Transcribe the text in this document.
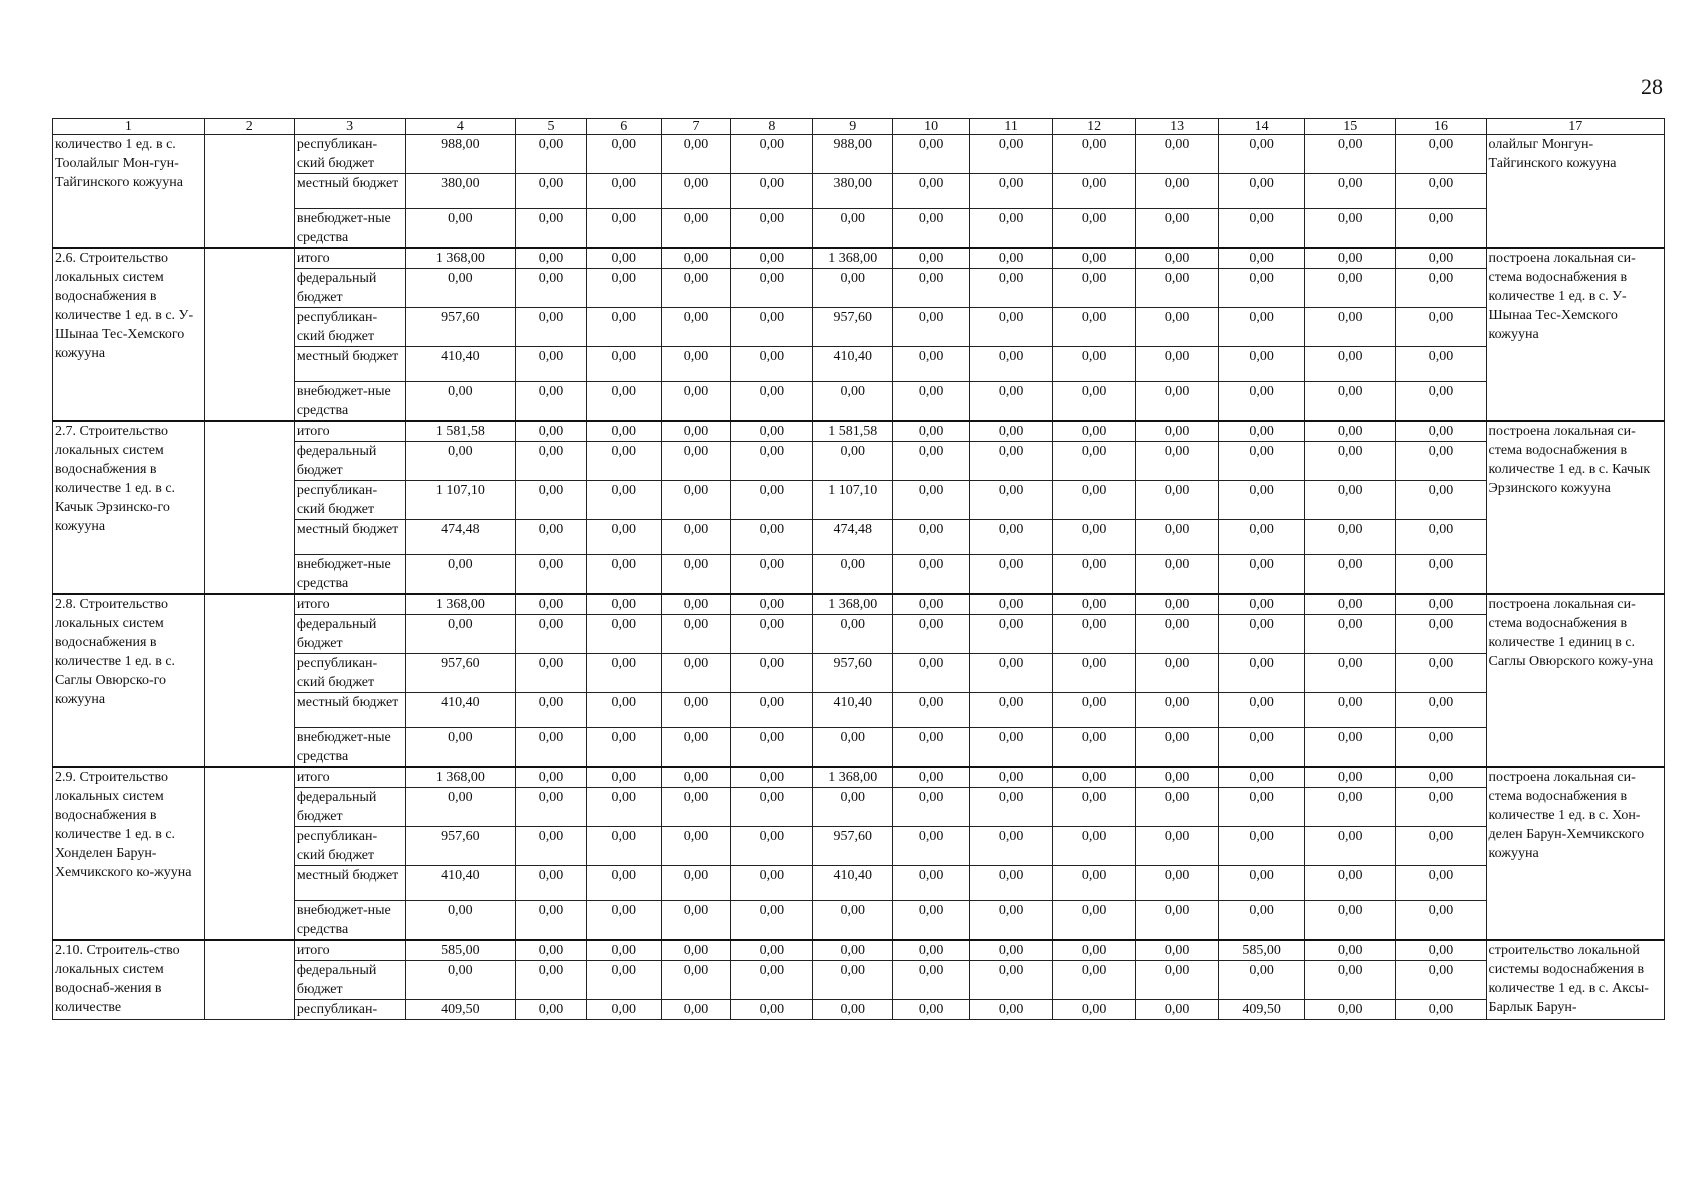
28
1	2	3	4	5	6	7	8	9	10	11	12	13	14	15	16	17
количество 1 ед. в с. Тоолайлыг Мон-гун-Тайгинского кожууна		республикан-ский бюджет	988,00	0,00	0,00	0,00	0,00	988,00	0,00	0,00	0,00	0,00	0,00	0,00	0,00	олайлыг Монгун-Тайгинского кожууна
		местный бюджет	380,00	0,00	0,00	0,00	0,00	380,00	0,00	0,00	0,00	0,00	0,00	0,00	0,00	
		внебюджет-ные средства	0,00	0,00	0,00	0,00	0,00	0,00	0,00	0,00	0,00	0,00	0,00	0,00	0,00	
2.6. Строительство локальных систем водоснабжения в количестве 1 ед. в с. У-Шынаа Тес-Хемского кожууна		итого	1 368,00	0,00	0,00	0,00	0,00	1 368,00	0,00	0,00	0,00	0,00	0,00	0,00	0,00	построена локальная си-стема водоснабжения в количестве 1 ед. в с. У-Шынаа Тес-Хемского кожууна
		федеральный бюджет	0,00	0,00	0,00	0,00	0,00	0,00	0,00	0,00	0,00	0,00	0,00	0,00	0,00	
		республикан-ский бюджет	957,60	0,00	0,00	0,00	0,00	957,60	0,00	0,00	0,00	0,00	0,00	0,00	0,00	
		местный бюджет	410,40	0,00	0,00	0,00	0,00	410,40	0,00	0,00	0,00	0,00	0,00	0,00	0,00	
		внебюджет-ные средства	0,00	0,00	0,00	0,00	0,00	0,00	0,00	0,00	0,00	0,00	0,00	0,00	0,00	
2.7. Строительство локальных систем водоснабжения в количестве 1 ед. в с. Качык Эрзинско-го кожууна		итого	1 581,58	0,00	0,00	0,00	0,00	1 581,58	0,00	0,00	0,00	0,00	0,00	0,00	0,00	построена локальная си-стема водоснабжения в количестве 1 ед. в с. Качык Эрзинского кожууна
		федеральный бюджет	0,00	0,00	0,00	0,00	0,00	0,00	0,00	0,00	0,00	0,00	0,00	0,00	0,00	
		республикан-ский бюджет	1 107,10	0,00	0,00	0,00	0,00	1 107,10	0,00	0,00	0,00	0,00	0,00	0,00	0,00	
		местный бюджет	474,48	0,00	0,00	0,00	0,00	474,48	0,00	0,00	0,00	0,00	0,00	0,00	0,00	
		внебюджет-ные средства	0,00	0,00	0,00	0,00	0,00	0,00	0,00	0,00	0,00	0,00	0,00	0,00	0,00	
2.8. Строительство локальных систем водоснабжения в количестве 1 ед. в с. Саглы Овюрско-го кожууна		итого	1 368,00	0,00	0,00	0,00	0,00	1 368,00	0,00	0,00	0,00	0,00	0,00	0,00	0,00	построена локальная си-стема водоснабжения в количестве 1 единиц в с. Саглы Овюрского кожу-уна
		федеральный бюджет	0,00	0,00	0,00	0,00	0,00	0,00	0,00	0,00	0,00	0,00	0,00	0,00	0,00	
		республикан-ский бюджет	957,60	0,00	0,00	0,00	0,00	957,60	0,00	0,00	0,00	0,00	0,00	0,00	0,00	
		местный бюджет	410,40	0,00	0,00	0,00	0,00	410,40	0,00	0,00	0,00	0,00	0,00	0,00	0,00	
		внебюджет-ные средства	0,00	0,00	0,00	0,00	0,00	0,00	0,00	0,00	0,00	0,00	0,00	0,00	0,00	
2.9. Строительство локальных систем водоснабжения в количестве 1 ед. в с. Хонделен Барун-Хемчикского ко-жууна		итого	1 368,00	0,00	0,00	0,00	0,00	1 368,00	0,00	0,00	0,00	0,00	0,00	0,00	0,00	построена локальная си-стема водоснабжения в количестве 1 ед. в с. Хон-делен Барун-Хемчикского кожууна
		федеральный бюджет	0,00	0,00	0,00	0,00	0,00	0,00	0,00	0,00	0,00	0,00	0,00	0,00	0,00	
		республикан-ский бюджет	957,60	0,00	0,00	0,00	0,00	957,60	0,00	0,00	0,00	0,00	0,00	0,00	0,00	
		местный бюджет	410,40	0,00	0,00	0,00	0,00	410,40	0,00	0,00	0,00	0,00	0,00	0,00	0,00	
		внебюджет-ные средства	0,00	0,00	0,00	0,00	0,00	0,00	0,00	0,00	0,00	0,00	0,00	0,00	0,00	
2.10. Строитель-ство локальных систем водоснаб-жения в количестве		итого	585,00	0,00	0,00	0,00	0,00	0,00	0,00	0,00	0,00	0,00	585,00	0,00	0,00	строительство локальной системы водоснабжения в количестве 1 ед. в с. Аксы-Барлык Барун-
		федеральный бюджет	0,00	0,00	0,00	0,00	0,00	0,00	0,00	0,00	0,00	0,00	0,00	0,00	0,00	
		республикан-	409,50	0,00	0,00	0,00	0,00	0,00	0,00	0,00	0,00	0,00	409,50	0,00	0,00	
